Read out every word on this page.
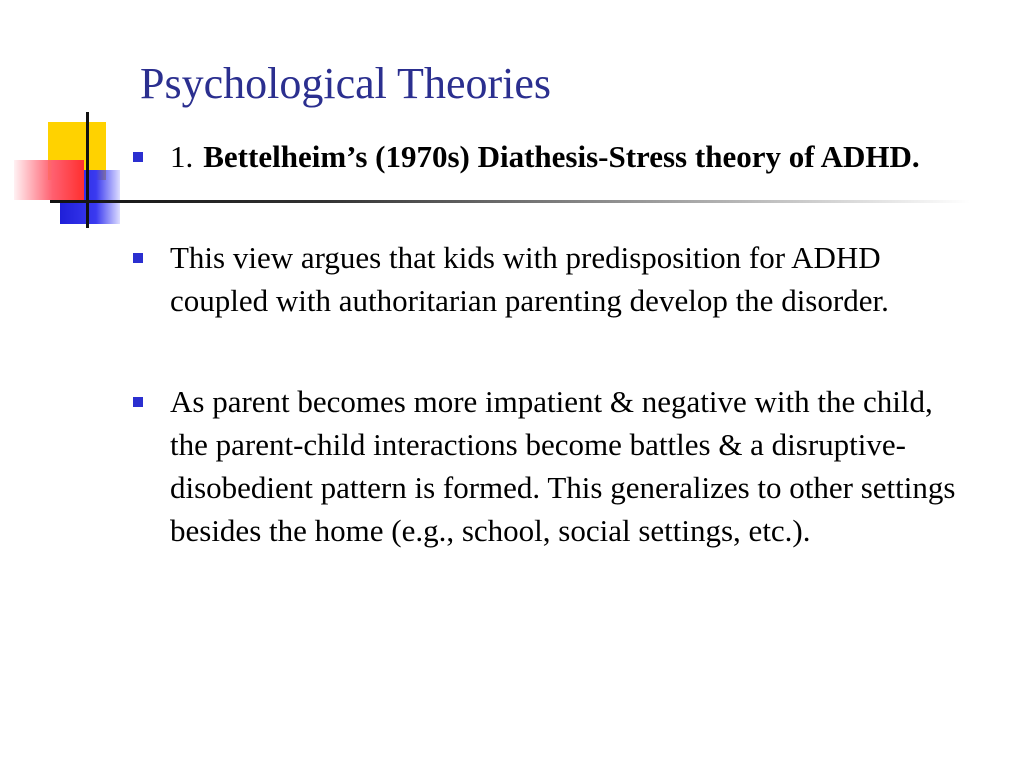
Psychological Theories
1. Bettelheim’s (1970s) Diathesis-Stress theory of ADHD.
This view argues that kids with predisposition for ADHD coupled with authoritarian parenting develop the disorder.
As parent becomes more impatient & negative with the child, the parent-child interactions become battles & a disruptive-disobedient pattern is formed. This generalizes to other settings besides the home (e.g., school, social settings, etc.).
